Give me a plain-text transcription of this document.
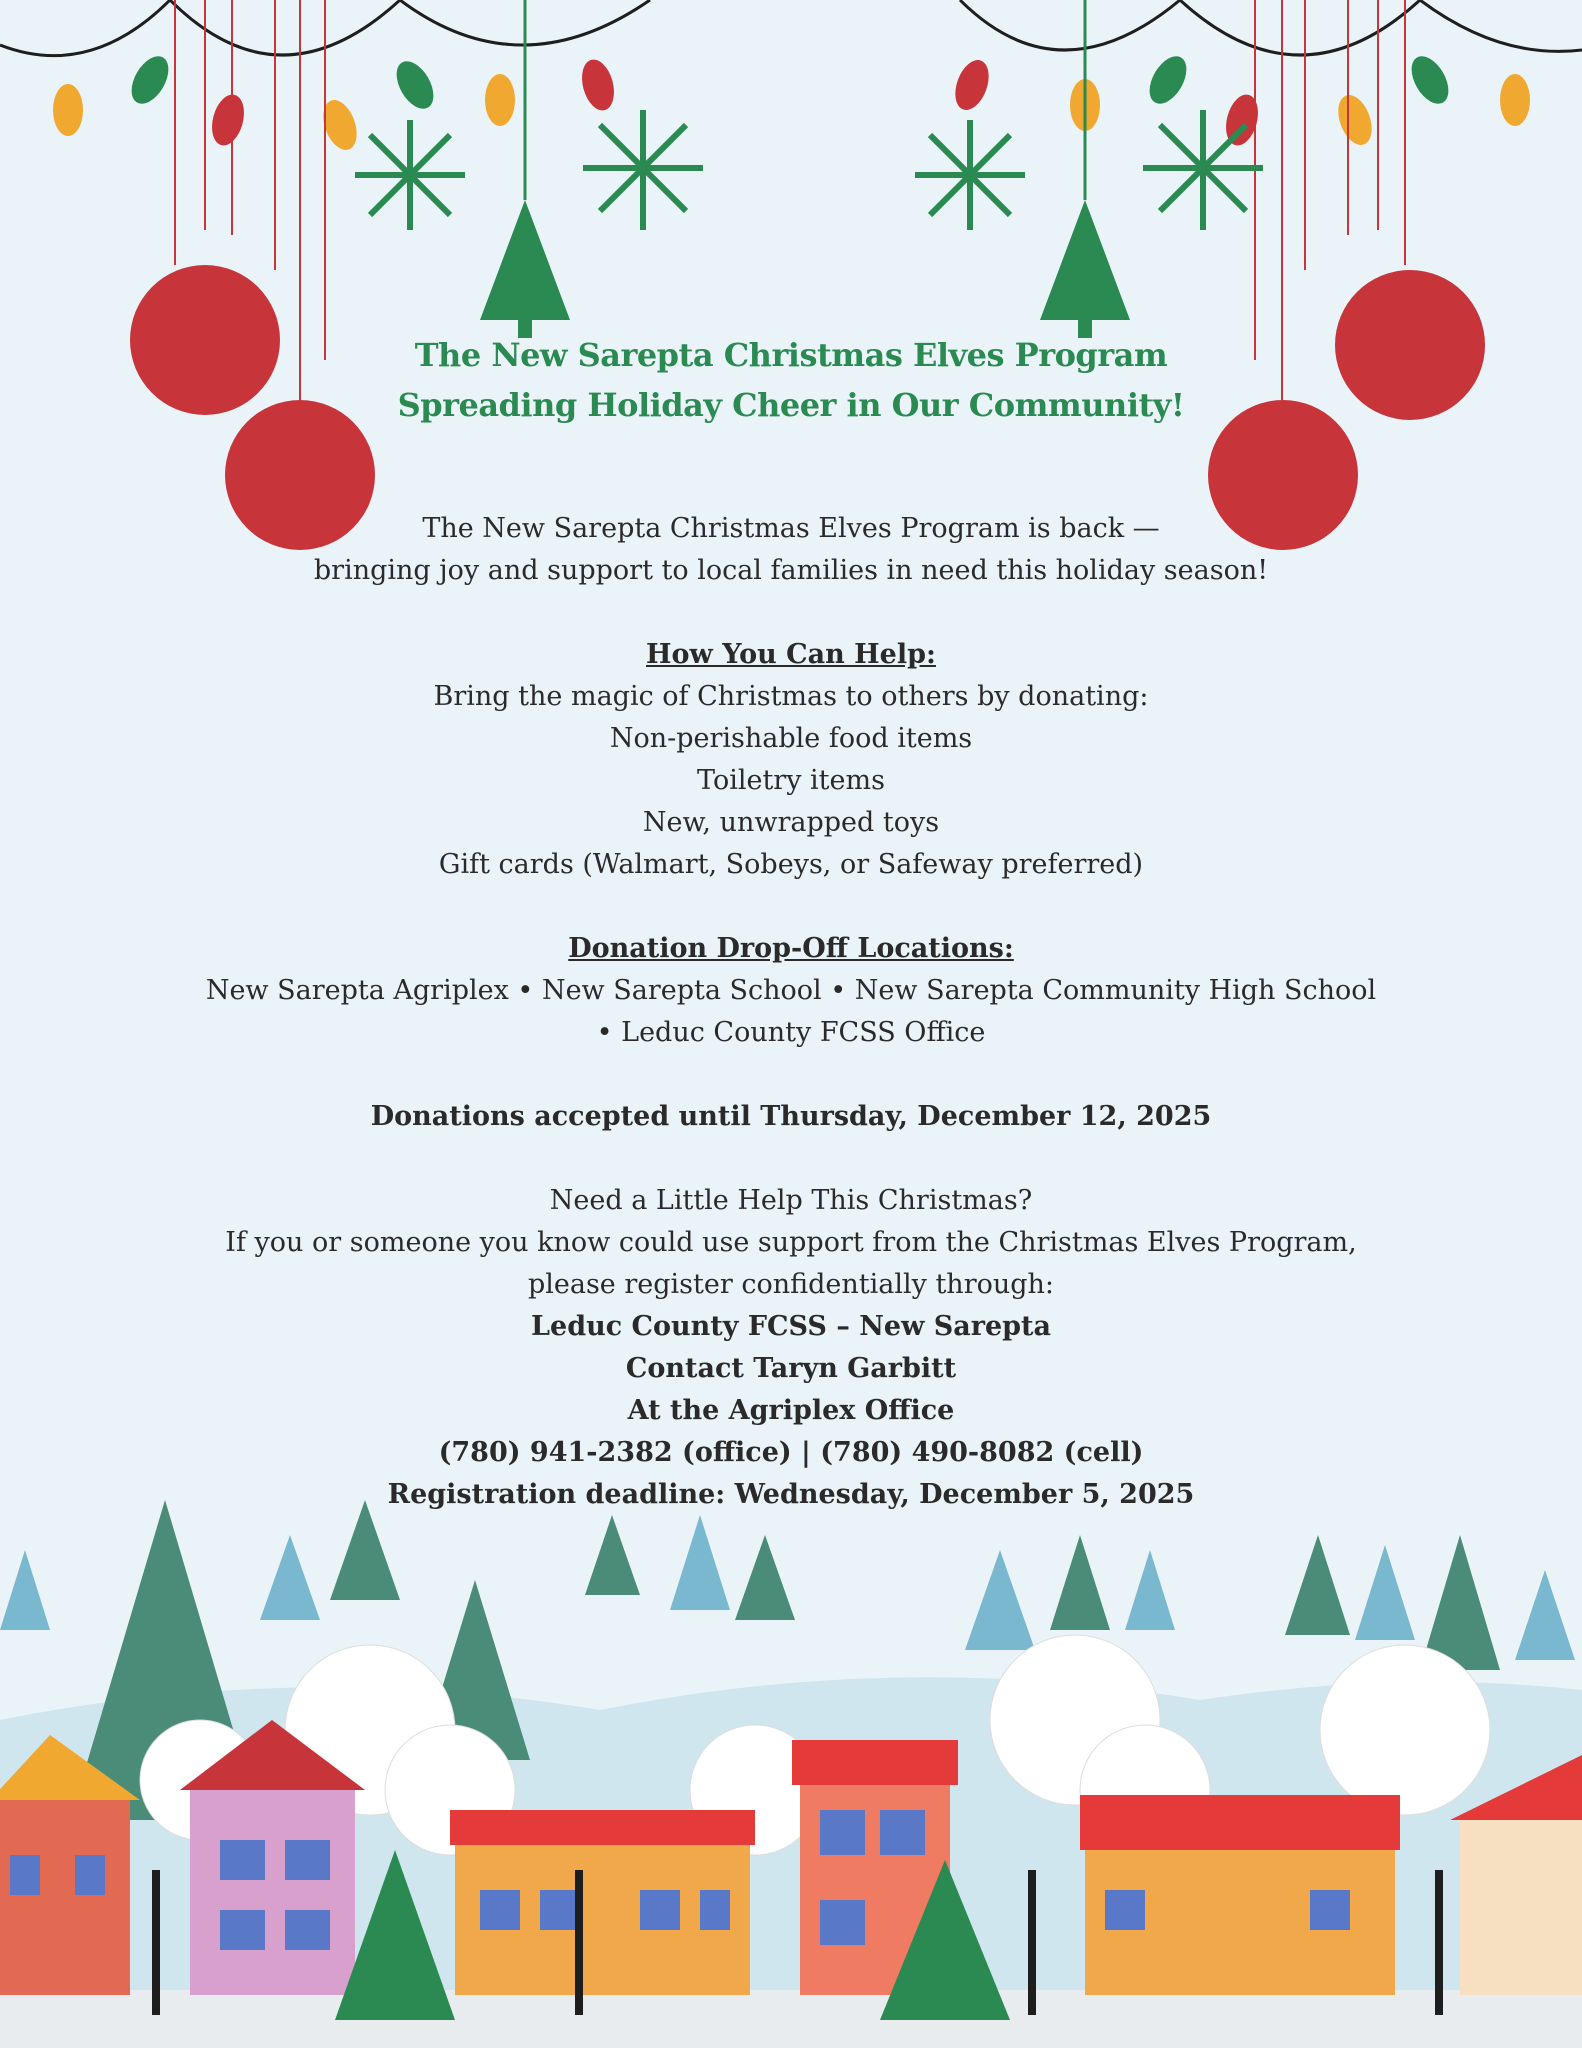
The New Sarepta Christmas Elves Program
Spreading Holiday Cheer in Our Community!
The New Sarepta Christmas Elves Program is back —
bringing joy and support to local families in need this holiday season!
How You Can Help:
Bring the magic of Christmas to others by donating:
Non-perishable food items
Toiletry items
New, unwrapped toys
Gift cards (Walmart, Sobeys, or Safeway preferred)
Donation Drop-Off Locations:
New Sarepta Agriplex • New Sarepta School • New Sarepta Community High School
• Leduc County FCSS Office
Donations accepted until Thursday, December 12, 2025
Need a Little Help This Christmas?
If you or someone you know could use support from the Christmas Elves Program,
please register confidentially through:
Leduc County FCSS – New Sarepta
Contact Taryn Garbitt
At the Agriplex Office
(780) 941-2382 (office) | (780) 490-8082 (cell)
Registration deadline: Wednesday, December 5, 2025
